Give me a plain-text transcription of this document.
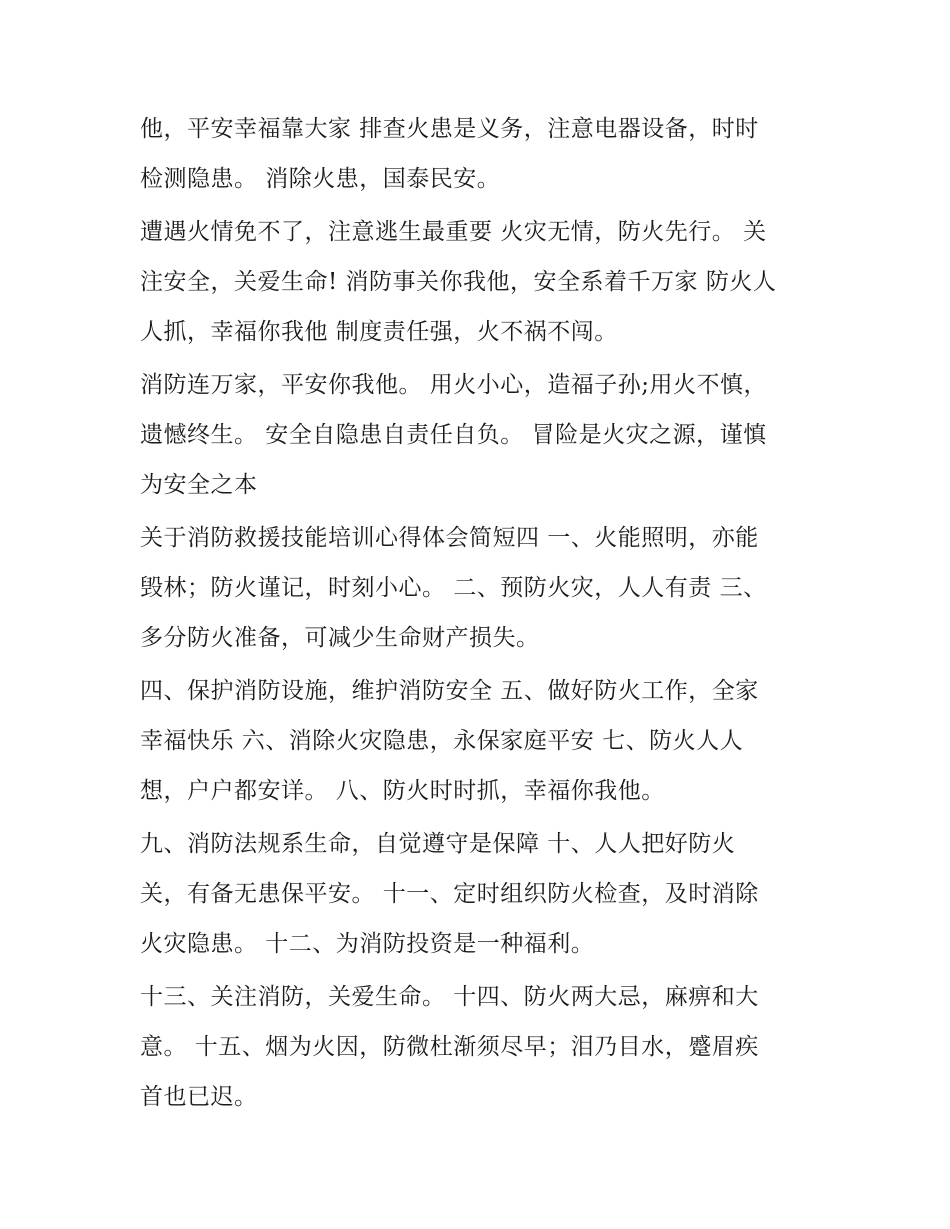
他，平安幸福靠大家 排查火患是义务，注意电器设备，时时
检测隐患。 消除火患，国泰民安。
遭遇火情免不了，注意逃生最重要 火灾无情，防火先行。 关
注安全，关爱生命! 消防事关你我他，安全系着千万家 防火人
人抓，幸福你我他 制度责任强，火不祸不闯。
消防连万家，平安你我他。 用火小心，造福子孙;用火不慎，
遗憾终生。 安全自隐患自责任自负。 冒险是火灾之源，谨慎
为安全之本
关于消防救援技能培训心得体会简短四 一、火能照明，亦能
毁林；防火谨记，时刻小心。 二、预防火灾，人人有责 三、
多分防火准备，可减少生命财产损失。
四、保护消防设施，维护消防安全 五、做好防火工作，全家
幸福快乐 六、消除火灾隐患，永保家庭平安 七、防火人人
想，户户都安详。 八、防火时时抓，幸福你我他。
九、消防法规系生命，自觉遵守是保障 十、人人把好防火
关，有备无患保平安。 十一、定时组织防火检查，及时消除
火灾隐患。 十二、为消防投资是一种福利。
十三、关注消防，关爱生命。 十四、防火两大忌，麻痹和大
意。 十五、烟为火因，防微杜渐须尽早；泪乃目水，蹙眉疾
首也已迟。
